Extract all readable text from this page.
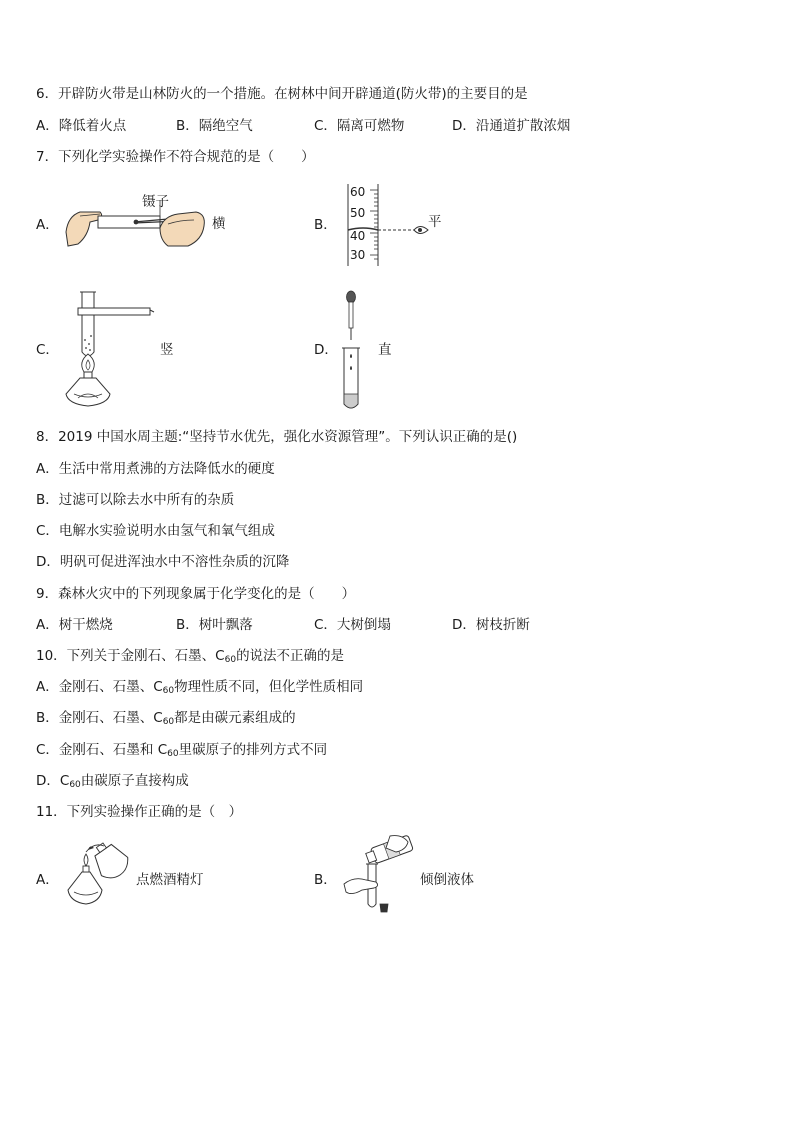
6．开辟防火带是山林防火的一个措施。在树林中间开辟通道(防火带)的主要目的是
A．降低着火点	B．隔绝空气	C．隔离可燃物	D．沿通道扩散浓烟
7．下列化学实验操作不符合规范的是（　　）
A．
镊子
横	B．
60
50
40
30
平
C．	竖	D．	直
8．2019 中国水周主题:“坚持节水优先，强化水资源管理”。下列认识正确的是()
A．生活中常用煮沸的方法降低水的硬度
B．过滤可以除去水中所有的杂质
C．电解水实验说明水由氢气和氧气组成
D．明矾可促进浑浊水中不溶性杂质的沉降
9．森林火灾中的下列现象属于化学变化的是（　　）
A．树干燃烧	B．树叶飘落	C．大树倒塌	D．树枝折断
10．下列关于金刚石、石墨、$C_{60}$的说法不正确的是
A．金刚石、石墨、$C_{60}$物理性质不同，但化学性质相同
B．金刚石、石墨、$C_{60}$都是由碳元素组成的
C．金刚石、石墨和 $C_{60}$里碳原子的排列方式不同
D．$C_{60}$由碳原子直接构成
11．下列实验操作正确的是（　）
A．	点燃酒精灯	B．	倾倒液体
